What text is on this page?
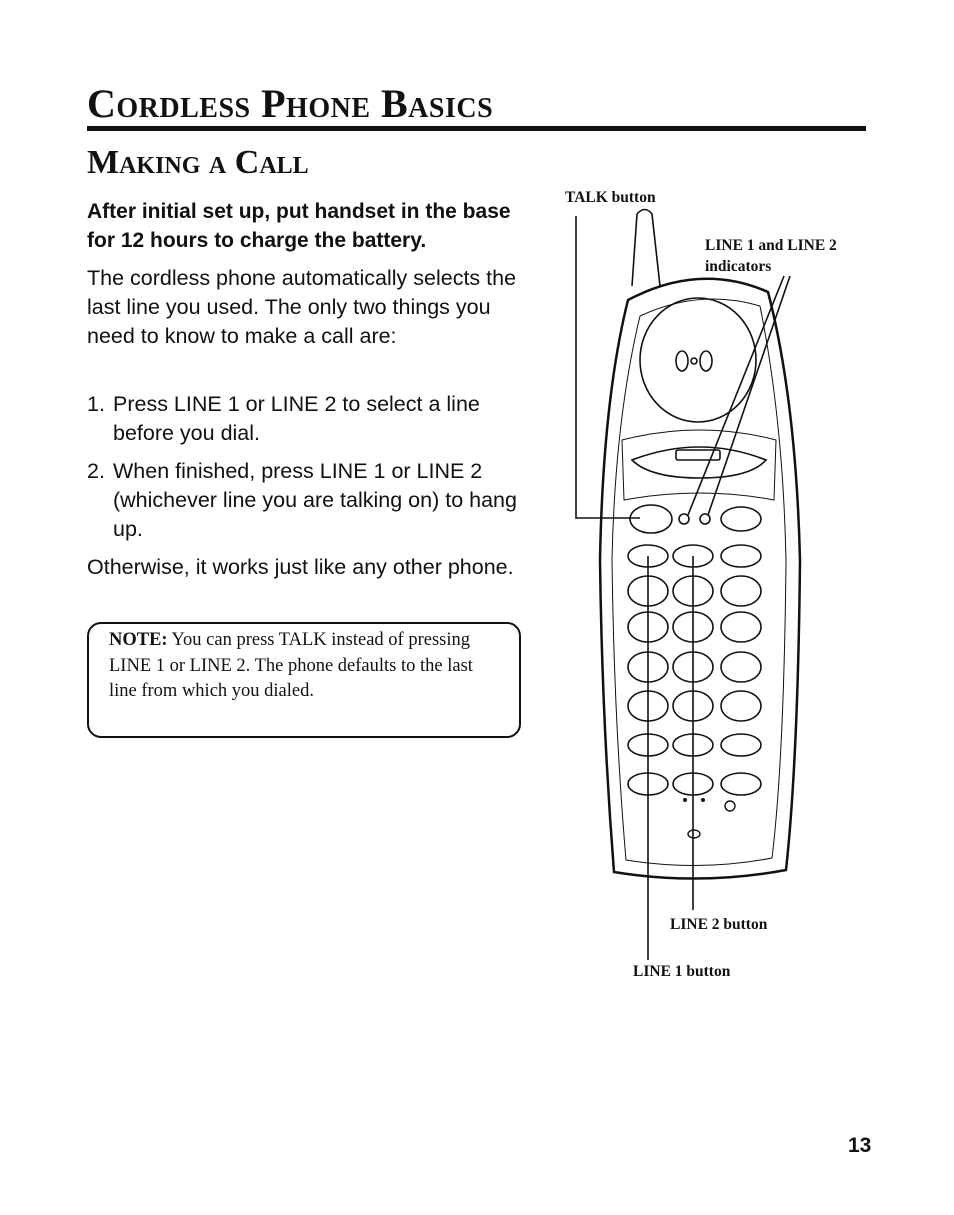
Cordless Phone Basics
Making a Call
After initial set up, put handset in the base for 12 hours to charge the battery.
The cordless phone automatically selects the last line you used. The only two things you need to know to make a call are:
1. Press LINE 1 or LINE 2 to select a line before you dial.
2. When finished, press LINE 1 or LINE 2 (whichever line you are talking on) to hang up.
Otherwise, it works just like any other phone.
NOTE: You can press TALK instead of pressing LINE 1 or LINE 2. The phone defaults to the last line from which you dialed.
TALK button
LINE 1 and LINE 2 indicators
LINE 2 button
LINE 1 button
13
